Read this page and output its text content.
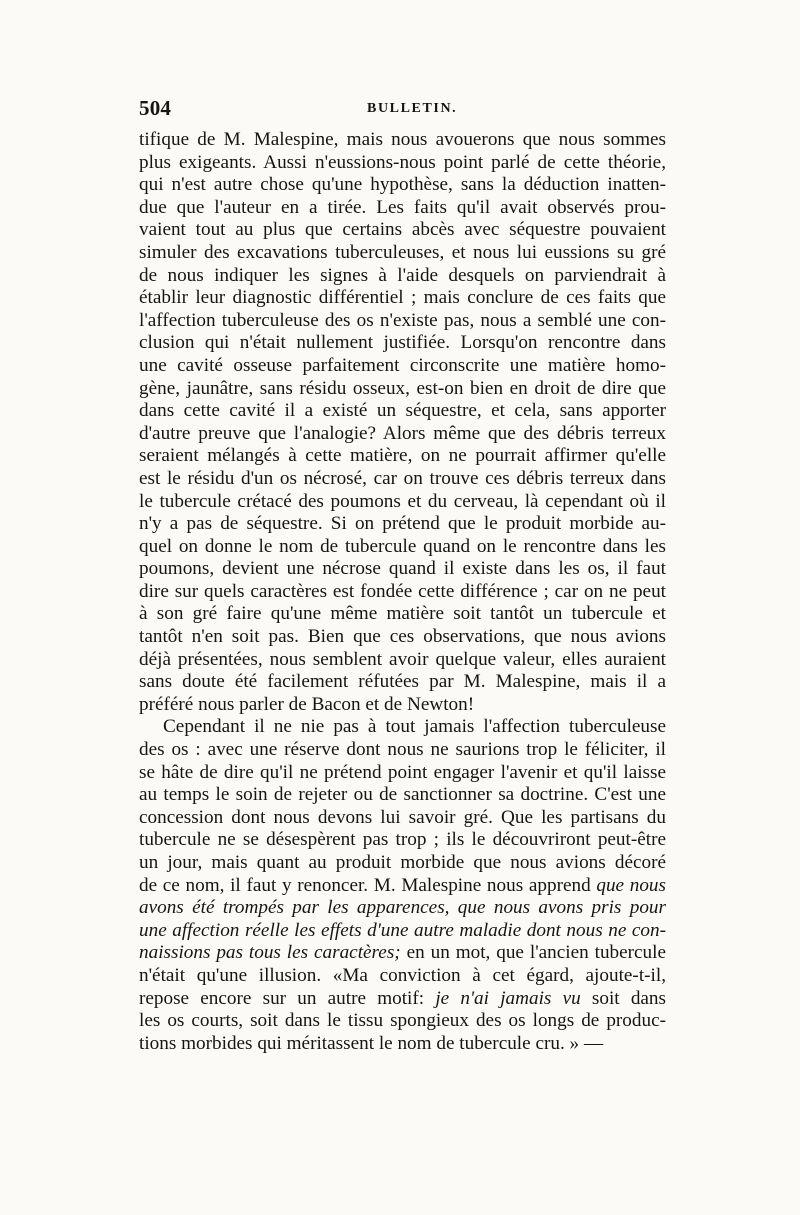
504	BULLETIN.
tifique de M. Malespine, mais nous avouerons que nous sommes
plus exigeants. Aussi n'eussions-nous point parlé de cette théorie,
qui n'est autre chose qu'une hypothèse, sans la déduction inatten-
due que l'auteur en a tirée. Les faits qu'il avait observés prou-
vaient tout au plus que certains abcès avec séquestre pouvaient
simuler des excavations tuberculeuses, et nous lui eussions su gré
de nous indiquer les signes à l'aide desquels on parviendrait à
établir leur diagnostic différentiel ; mais conclure de ces faits que
l'affection tuberculeuse des os n'existe pas, nous a semblé une con-
clusion qui n'était nullement justifiée. Lorsqu'on rencontre dans
une cavité osseuse parfaitement circonscrite une matière homo-
gène, jaunâtre, sans résidu osseux, est-on bien en droit de dire que
dans cette cavité il a existé un séquestre, et cela, sans apporter
d'autre preuve que l'analogie? Alors même que des débris terreux
seraient mélangés à cette matière, on ne pourrait affirmer qu'elle
est le résidu d'un os nécrosé, car on trouve ces débris terreux dans
le tubercule crétacé des poumons et du cerveau, là cependant où il
n'y a pas de séquestre. Si on prétend que le produit morbide au-
quel on donne le nom de tubercule quand on le rencontre dans les
poumons, devient une nécrose quand il existe dans les os, il faut
dire sur quels caractères est fondée cette différence ; car on ne peut
à son gré faire qu'une même matière soit tantôt un tubercule et
tantôt n'en soit pas. Bien que ces observations, que nous avions
déjà présentées, nous semblent avoir quelque valeur, elles auraient
sans doute été facilement réfutées par M. Malespine, mais il a
préféré nous parler de Bacon et de Newton!
Cependant il ne nie pas à tout jamais l'affection tuberculeuse
des os : avec une réserve dont nous ne saurions trop le féliciter, il
se hâte de dire qu'il ne prétend point engager l'avenir et qu'il laisse
au temps le soin de rejeter ou de sanctionner sa doctrine. C'est une
concession dont nous devons lui savoir gré. Que les partisans du
tubercule ne se désespèrent pas trop ; ils le découvriront peut-être
un jour, mais quant au produit morbide que nous avions décoré
de ce nom, il faut y renoncer. M. Malespine nous apprend que nous
avons été trompés par les apparences, que nous avons pris pour
une affection réelle les effets d'une autre maladie dont nous ne con-
naissions pas tous les caractères; en un mot, que l'ancien tubercule
n'était qu'une illusion. «Ma conviction à cet égard, ajoute-t-il,
repose encore sur un autre motif: je n'ai jamais vu soit dans
les os courts, soit dans le tissu spongieux des os longs de produc-
tions morbides qui méritassent le nom de tubercule cru. » —
